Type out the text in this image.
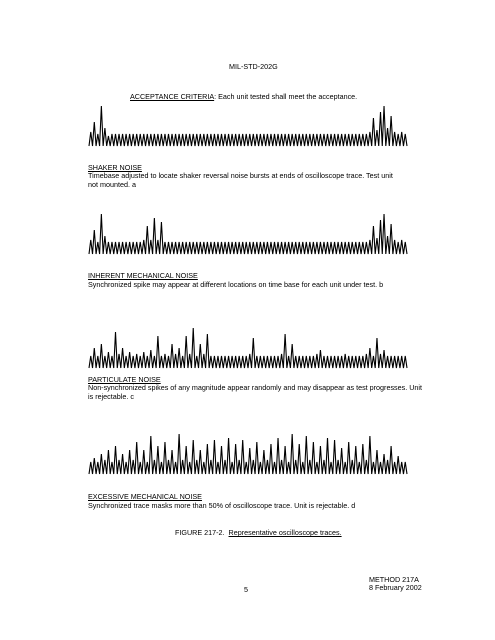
MIL-STD-202G
ACCEPTANCE CRITERIA: Each unit tested shall meet the acceptance.
SHAKER NOISE
Timebase adjusted to locate shaker reversal noise bursts at ends of oscilloscope trace. Test unit
not mounted. a
INHERENT MECHANICAL NOISE
Synchronized spike may appear at different locations on time base for each unit under test. b
PARTICULATE NOISE
Non-synchronized spikes of any magnitude appear randomly and may disappear as test progresses. Unit
is rejectable. c
EXCESSIVE MECHANICAL NOISE
Synchronized trace masks more than 50% of oscilloscope trace. Unit is rejectable. d
FIGURE 217-2. Representative oscilloscope traces.
METHOD 217A
8 February 2002
5
